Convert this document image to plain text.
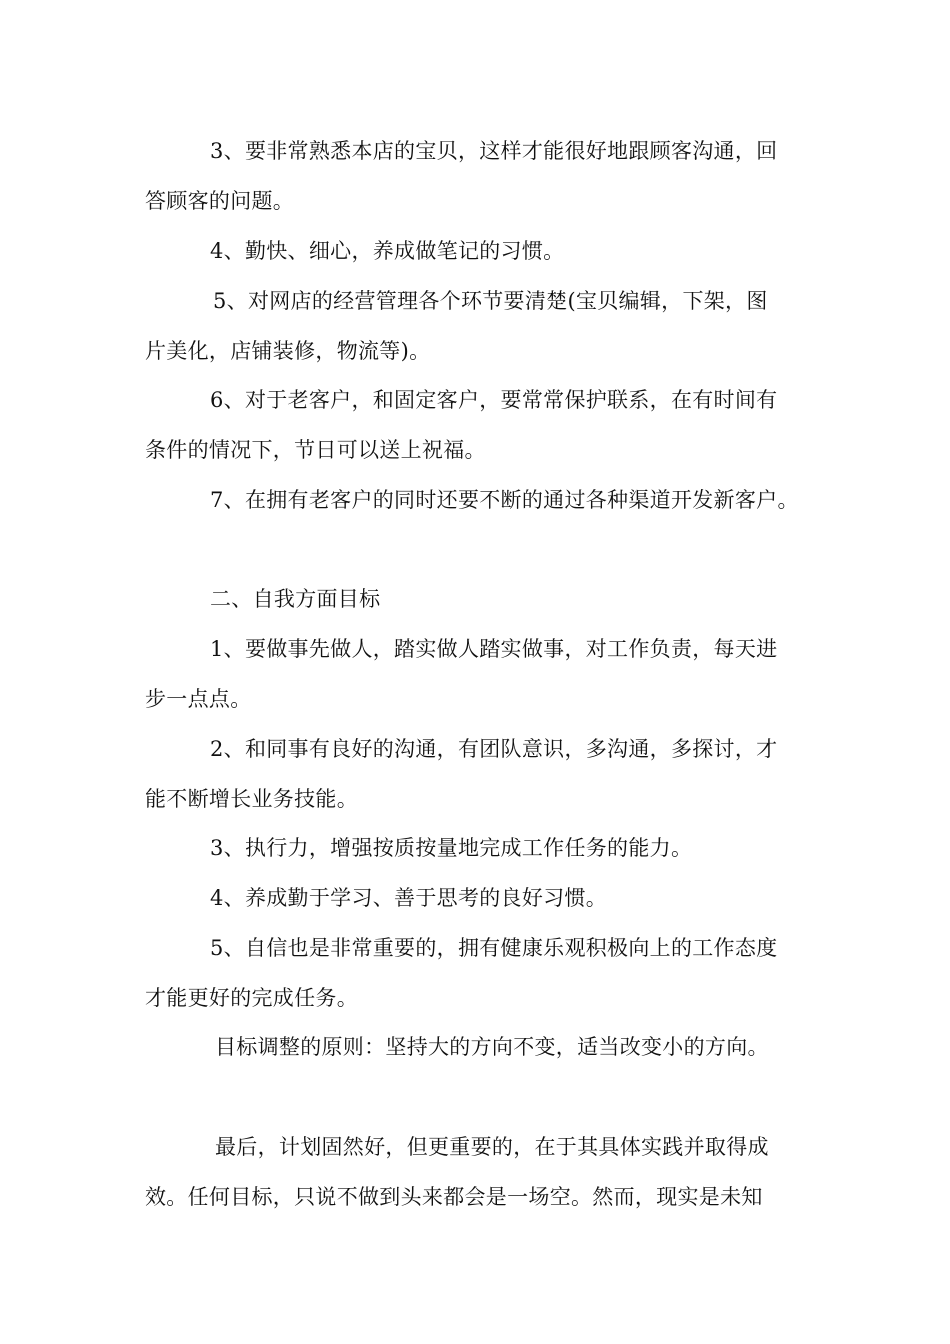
3、要非常熟悉本店的宝贝，这样才能很好地跟顾客沟通，回
答顾客的问题。
4、勤快、细心，养成做笔记的习惯。
5、对网店的经营管理各个环节要清楚(宝贝编辑，下架，图
片美化，店铺装修，物流等)。
6、对于老客户，和固定客户，要常常保护联系，在有时间有
条件的情况下，节日可以送上祝福。
7、在拥有老客户的同时还要不断的通过各种渠道开发新客户。
二、自我方面目标
1、要做事先做人，踏实做人踏实做事，对工作负责，每天进
步一点点。
2、和同事有良好的沟通，有团队意识，多沟通，多探讨，才
能不断增长业务技能。
3、执行力，增强按质按量地完成工作任务的能力。
4、养成勤于学习、善于思考的良好习惯。
5、自信也是非常重要的，拥有健康乐观积极向上的工作态度
才能更好的完成任务。
目标调整的原则：坚持大的方向不变，适当改变小的方向。
最后，计划固然好，但更重要的，在于其具体实践并取得成
效。任何目标，只说不做到头来都会是一场空。然而，现实是未知
